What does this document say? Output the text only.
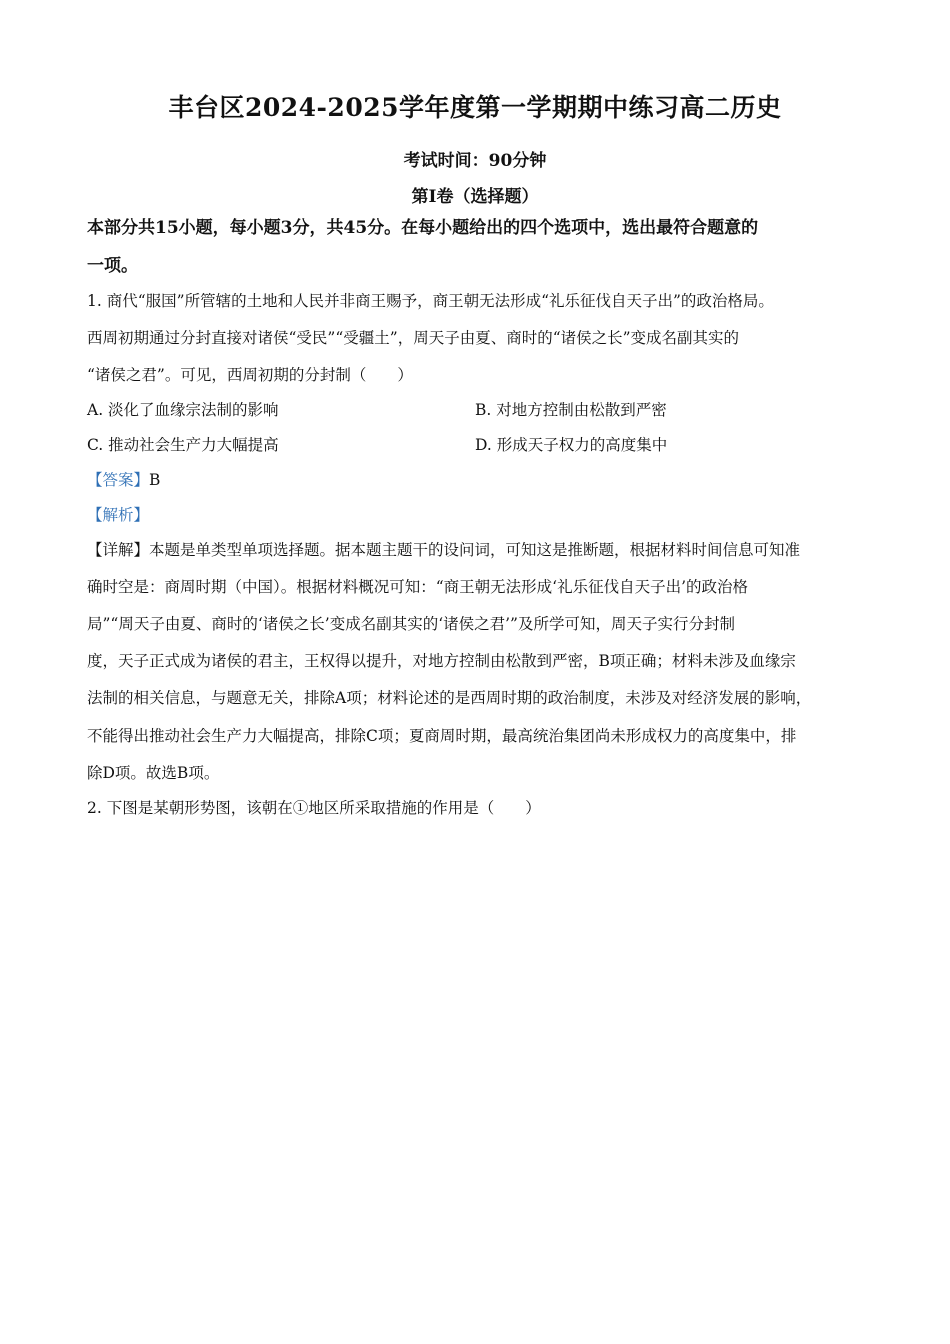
丰台区2024-2025学年度第一学期期中练习高二历史
考试时间：90分钟
第Ⅰ卷（选择题）
本部分共15小题，每小题3分，共45分。在每小题给出的四个选项中，选出最符合题意的
一项。
1. 商代“服国”所管辖的土地和人民并非商王赐予，商王朝无法形成“礼乐征伐自天子出”的政治格局。
西周初期通过分封直接对诸侯“受民”“受疆土”，周天子由夏、商时的“诸侯之长”变成名副其实的
“诸侯之君”。可见，西周初期的分封制（　　）
A. 淡化了血缘宗法制的影响	B. 对地方控制由松散到严密
C. 推动社会生产力大幅提高	D. 形成天子权力的高度集中
【答案】B
【解析】
【详解】本题是单类型单项选择题。据本题主题干的设问词，可知这是推断题，根据材料时间信息可知准
确时空是：商周时期（中国）。根据材料概况可知：“商王朝无法形成‘礼乐征伐自天子出’的政治格
局”“周天子由夏、商时的‘诸侯之长’变成名副其实的‘诸侯之君’”及所学可知，周天子实行分封制
度，天子正式成为诸侯的君主，王权得以提升，对地方控制由松散到严密，B项正确；材料未涉及血缘宗
法制的相关信息，与题意无关，排除A项；材料论述的是西周时期的政治制度，未涉及对经济发展的影响，
不能得出推动社会生产力大幅提高，排除C项；夏商周时期，最高统治集团尚未形成权力的高度集中，排
除D项。故选B项。
2. 下图是某朝形势图，该朝在①地区所采取措施的作用是（　　）
